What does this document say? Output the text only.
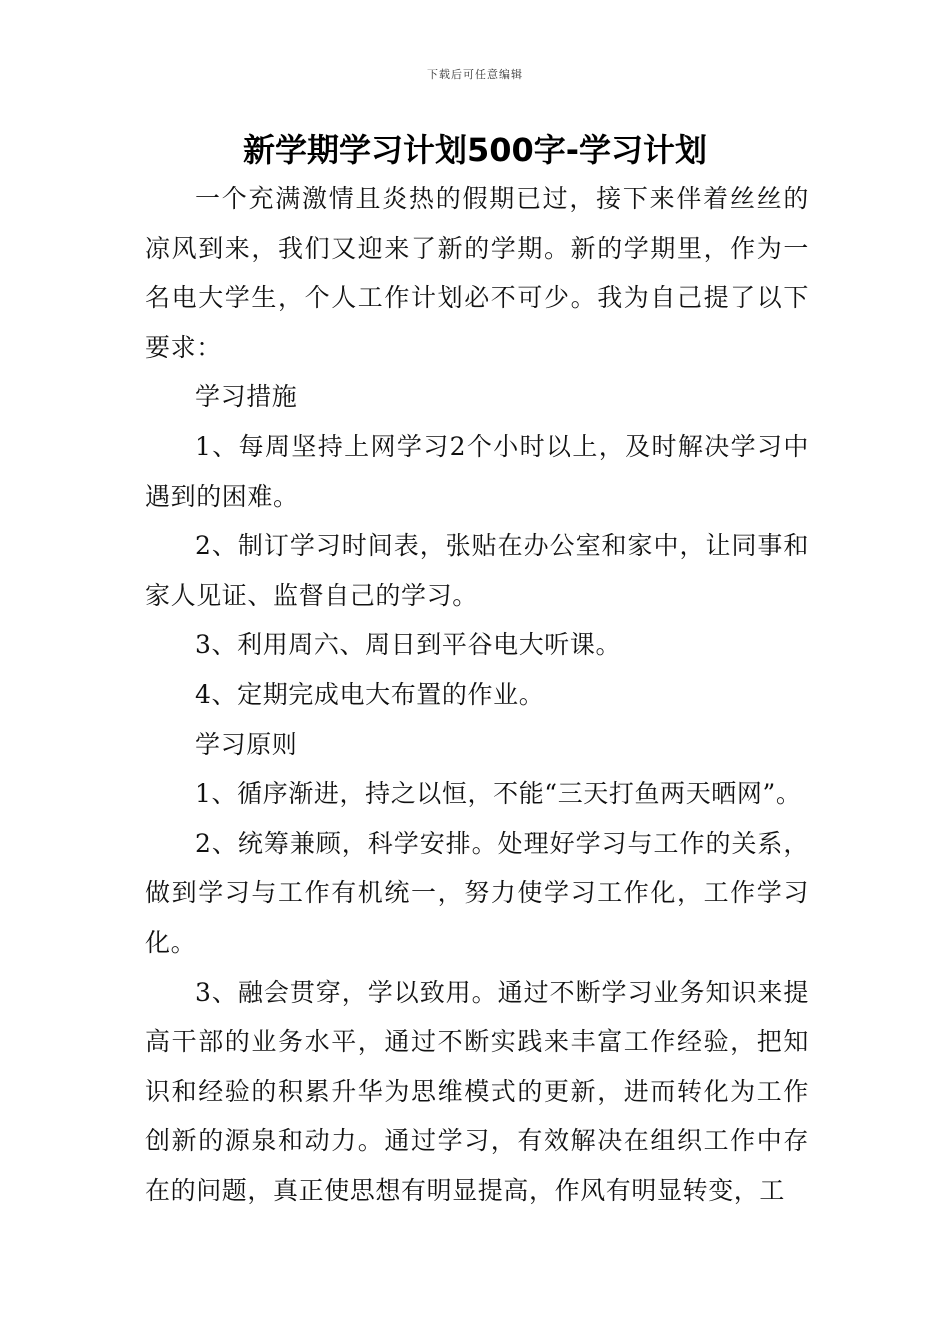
下载后可任意编辑
新学期学习计划500字-学习计划

一个充满激情且炎热的假期已过，接下来伴着丝丝的凉风到来，我们又迎来了新的学期。新的学期里，作为一名电大学生，个人工作计划必不可少。我为自己提了以下要求：

学习措施

1、每周坚持上网学习2个小时以上，及时解决学习中遇到的困难。

2、制订学习时间表，张贴在办公室和家中，让同事和家人见证、监督自己的学习。

3、利用周六、周日到平谷电大听课。

4、定期完成电大布置的作业。

学习原则

1、循序渐进，持之以恒，不能“三天打鱼两天晒网”。

2、统筹兼顾，科学安排。处理好学习与工作的关系，做到学习与工作有机统一，努力使学习工作化，工作学习化。

3、融会贯穿，学以致用。通过不断学习业务知识来提高干部的业务水平，通过不断实践来丰富工作经验，把知识和经验的积累升华为思维模式的更新，进而转化为工作创新的源泉和动力。通过学习，有效解决在组织工作中存在的问题，真正使思想有明显提高，作风有明显转变，工
